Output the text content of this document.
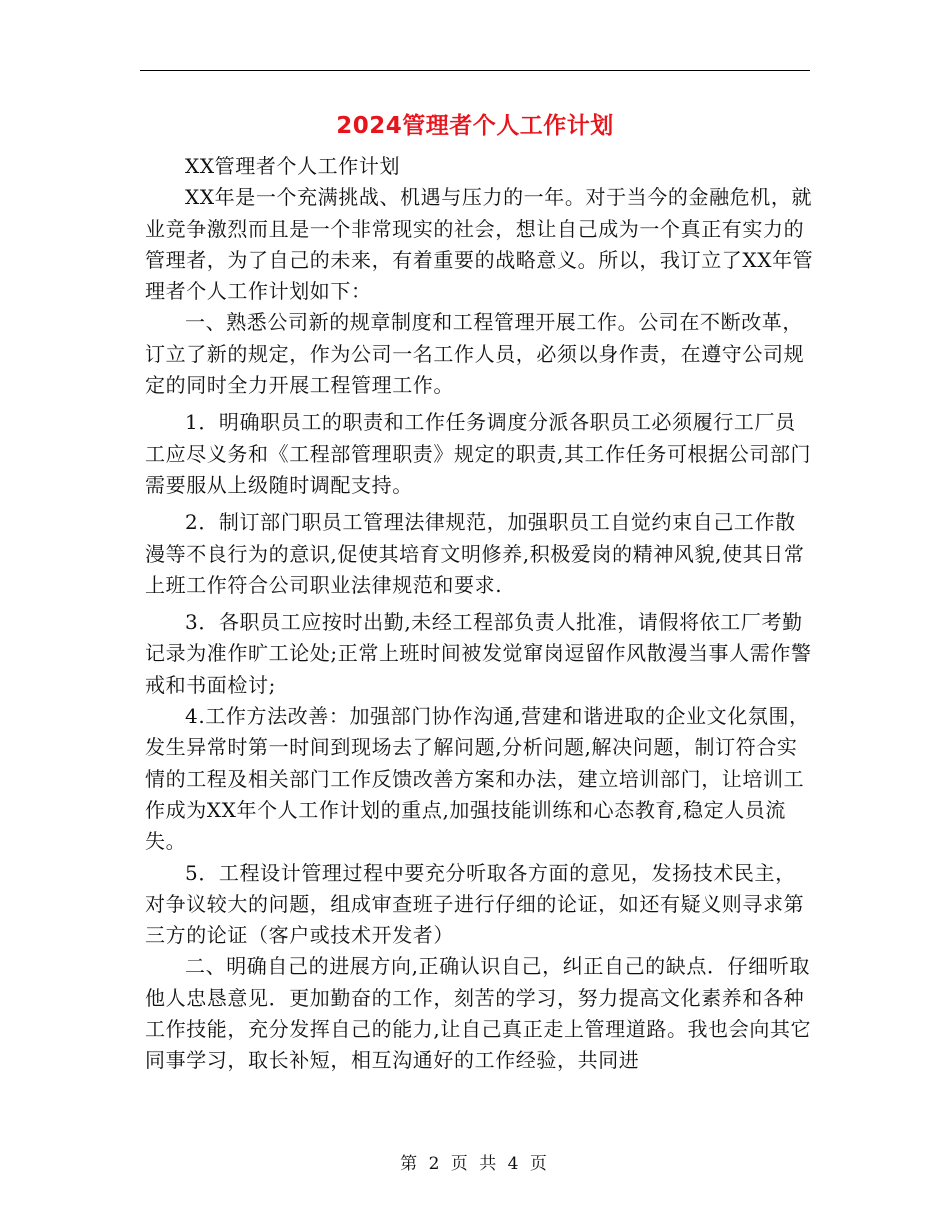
2024管理者个人工作计划

XX管理者个人工作计划

XX年是一个充满挑战、机遇与压力的一年。对于当今的金融危机，就业竞争激烈而且是一个非常现实的社会，想让自己成为一个真正有实力的管理者，为了自己的未来，有着重要的战略意义。所以，我订立了XX年管理者个人工作计划如下：

一、熟悉公司新的规章制度和工程管理开展工作。公司在不断改革，订立了新的规定，作为公司一名工作人员，必须以身作责，在遵守公司规定的同时全力开展工程管理工作。

1．明确职员工的职责和工作任务调度分派各职员工必须履行工厂员工应尽义务和《工程部管理职责》规定的职责,其工作任务可根据公司部门需要服从上级随时调配支持。

2．制订部门职员工管理法律规范，加强职员工自觉约束自己工作散漫等不良行为的意识,促使其培育文明修养,积极爱岗的精神风貌,使其日常上班工作符合公司职业法律规范和要求.

3．各职员工应按时出勤,未经工程部负责人批准，请假将依工厂考勤记录为准作旷工论处;正常上班时间被发觉窜岗逗留作风散漫当事人需作警戒和书面检讨;

4.工作方法改善：加强部门协作沟通,营建和谐进取的企业文化氛围，发生异常时第一时间到现场去了解问题,分析问题,解决问题，制订符合实情的工程及相关部门工作反馈改善方案和办法，建立培训部门，让培训工作成为XX年个人工作计划的重点,加强技能训练和心态教育,稳定人员流失。

5．工程设计管理过程中要充分听取各方面的意见，发扬技术民主，对争议较大的问题，组成审查班子进行仔细的论证，如还有疑义则寻求第三方的论证（客户或技术开发者）

二、明确自己的进展方向,正确认识自己，纠正自己的缺点．仔细听取他人忠恳意见．更加勤奋的工作，刻苦的学习，努力提高文化素养和各种工作技能，充分发挥自己的能力,让自己真正走上管理道路。我也会向其它同事学习，取长补短，相互沟通好的工作经验，共同进

第 2 页 共 4 页
